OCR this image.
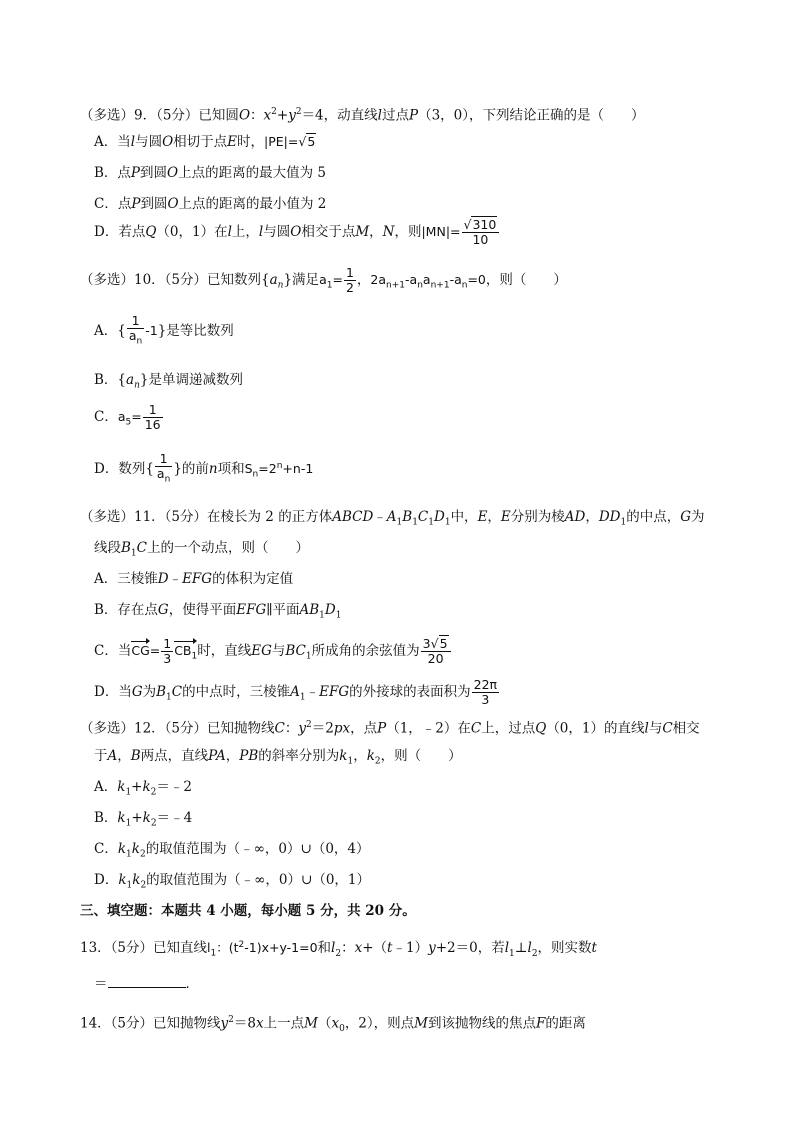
（多选）9．（5分）已知圆O：$x^2+y^2=4$，动直线l过点P（3，0），下列结论正确的是（　　）
A．当l与圆O相切于点E时，|PE|=√5
B．点P到圆O上点的距离的最大值为 5
C．点P到圆O上点的距离的最小值为 2
D．若点Q（0，1）在l上，l与圆O相交于点M，N，则$|MN|= \frac{√310}{10}$
（多选）10．（5分）已知数列$\{a_n\}$满足$a_1= \frac{1}{2}$ ，$2a_{n+1}-a_na_{n+1}-a_n=0$，则（　　）
A．{ $\frac{1}{a_n} -1$}是等比数列
B．$\{a_n\}$是单调递减数列
C．$a_5= \frac{1}{16}$
D．数列{ $\frac{1}{a_n}$ }的前n项和$S_n=2^n+n-1$
（多选）11．（5分）在棱长为 2 的正方体$ABCD﹣A_1B_1C_1D_1$中，E，E分别为棱AD，$DD_1$的中点，G为
线段$B_1C$上的一个动点，则（　　）
A．三棱锥D﹣EFG的体积为定值
B．存在点G，使得平面EFG∥平面$AB_1D_1$
C．当$CG= \frac{1}{3} CB_1$时，直线EG与$BC_1$所成角的余弦值为 $\frac{3√5}{20}$
D．当G为$B_1C$的中点时，三棱锥$A_1﹣EFG$的外接球的表面积为 $\frac{22\pi}{3}$
（多选）12．（5分）已知抛物线C：$y^2=2px$，点P（1，﹣2）在C上，过点Q（0，1）的直线l与C相交
于A，B两点，直线PA，PB的斜率分别为$k_1$，$k_2$，则（　　）
A．$k_1+k_2=﹣2$
B．$k_1+k_2=﹣4$
C．$k_1k_2$的取值范围为（﹣∞，0）∪（0，4）
D．$k_1k_2$的取值范围为（﹣∞，0）∪（0，1）
三、填空题：本题共 4 小题，每小题 5 分，共 20 分。
13．（5分）已知直线$l_1$：$(t^2-1)x+y-1=0$和$l_2$：x+（t﹣1）y+2＝0，若$l_1\perp l_2$，则实数t
＝	．
14．（5分）已知抛物线$y^2=8x$上一点$M(x_0$，2），则点M到该抛物线的焦点F的距离
